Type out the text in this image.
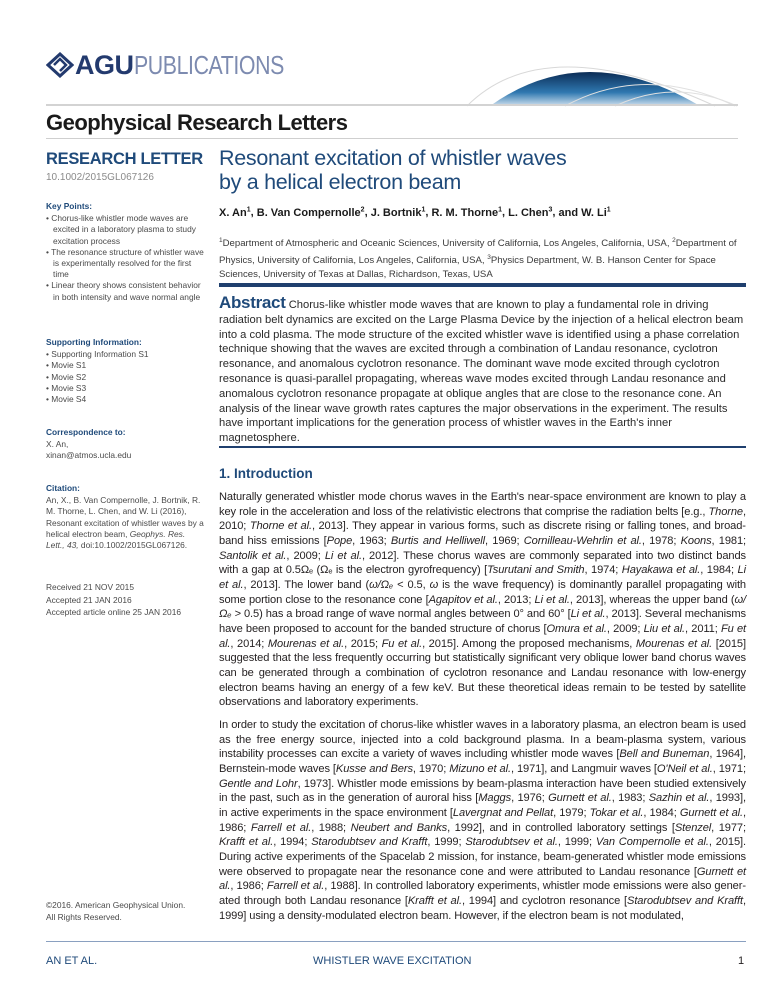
AGUPUBLICATIONS
Geophysical Research Letters
RESEARCH LETTER
10.1002/2015GL067126
Key Points:
• Chorus-like whistler mode waves are excited in a laboratory plasma to study excitation process
• The resonance structure of whistler wave is experimentally resolved for the first time
• Linear theory shows consistent behavior in both intensity and wave normal angle
Supporting Information:
• Supporting Information S1
• Movie S1
• Movie S2
• Movie S3
• Movie S4
Correspondence to:
X. An,
xinan@atmos.ucla.edu
Citation:
An, X., B. Van Compernolle, J. Bortnik, R. M. Thorne, L. Chen, and W. Li (2016), Resonant excitation of whistler waves by a helical electron beam, Geophys. Res. Lett., 43, doi:10.1002/2015GL067126.
Received 21 NOV 2015
Accepted 21 JAN 2016
Accepted article online 25 JAN 2016
©2016. American Geophysical Union.
All Rights Reserved.
Resonant excitation of whistler waves
by a helical electron beam
X. An$^1$, B. Van Compernolle$^2$, J. Bortnik$^1$, R. M. Thorne$^1$, L. Chen$^3$, and W. Li$^1$
$^1$Department of Atmospheric and Oceanic Sciences, University of California, Los Angeles, California, USA, $^2$Department of Physics, University of California, Los Angeles, California, USA, $^3$Physics Department, W. B. Hanson Center for Space Sciences, University of Texas at Dallas, Richardson, Texas, USA
Abstract Chorus-like whistler mode waves that are known to play a fundamental role in driving radiation belt dynamics are excited on the Large Plasma Device by the injection of a helical electron beam into a cold plasma. The mode structure of the excited whistler wave is identified using a phase correlation technique showing that the waves are excited through a combination of Landau resonance, cyclotron resonance, and anomalous cyclotron resonance. The dominant wave mode excited through cyclotron resonance is quasi-parallel propagating, whereas wave modes excited through Landau resonance and anomalous cyclotron resonance propagate at oblique angles that are close to the resonance cone. An analysis of the linear wave growth rates captures the major observations in the experiment. The results have important implications for the generation process of whistler waves in the Earth's inner magnetosphere.
1. Introduction
Naturally generated whistler mode chorus waves in the Earth's near-space environment are known to play a key role in the acceleration and loss of the relativistic electrons that comprise the radiation belts [e.g., Thorne, 2010; Thorne et al., 2013]. They appear in various forms, such as discrete rising or falling tones, and broadband hiss emissions [Pope, 1963; Burtis and Helliwell, 1969; Cornilleau-Wehrlin et al., 1978; Koons, 1981; Santolik et al., 2009; Li et al., 2012]. These chorus waves are commonly separated into two distinct bands with a gap at 0.5Ωₑ (Ωₑ is the electron gyrofrequency) [Tsurutani and Smith, 1974; Hayakawa et al., 1984; Li et al., 2013]. The lower band (ω/Ωₑ < 0.5, ω is the wave frequency) is dominantly parallel propagating with some portion close to the resonance cone [Agapitov et al., 2013; Li et al., 2013], whereas the upper band (ω/Ωₑ > 0.5) has a broad range of wave normal angles between 0° and 60° [Li et al., 2013]. Several mechanisms have been proposed to account for the banded structure of chorus [Omura et al., 2009; Liu et al., 2011; Fu et al., 2014; Mourenas et al., 2015; Fu et al., 2015]. Among the proposed mechanisms, Mourenas et al. [2015] suggested that the less frequently occurring but statistically significant very oblique lower band chorus waves can be generated through a combination of cyclotron resonance and Landau resonance with low-energy electron beams having an energy of a few keV. But these theoretical ideas remain to be tested by satellite observations and laboratory experiments.
In order to study the excitation of chorus-like whistler waves in a laboratory plasma, an electron beam is used as the free energy source, injected into a cold background plasma. In a beam-plasma system, various instability processes can excite a variety of waves including whistler mode waves [Bell and Buneman, 1964], Bernstein-mode waves [Kusse and Bers, 1970; Mizuno et al., 1971], and Langmuir waves [O'Neil et al., 1971; Gentle and Lohr, 1973]. Whistler mode emissions by beam-plasma interaction have been studied extensively in the past, such as in the generation of auroral hiss [Maggs, 1976; Gurnett et al., 1983; Sazhin et al., 1993], in active experiments in the space environment [Lavergnat and Pellat, 1979; Tokar et al., 1984; Gurnett et al., 1986; Farrell et al., 1988; Neubert and Banks, 1992], and in controlled laboratory settings [Stenzel, 1977; Krafft et al., 1994; Starodubtsev and Krafft, 1999; Starodubtsev et al., 1999; Van Compernolle et al., 2015]. During active experiments of the Spacelab 2 mission, for instance, beam-generated whistler mode emissions were observed to propagate near the resonance cone and were attributed to Landau resonance [Gurnett et al., 1986; Farrell et al., 1988]. In controlled laboratory experiments, whistler mode emissions were also generated through both Landau resonance [Krafft et al., 1994] and cyclotron resonance [Starodubtsev and Krafft, 1999] using a density-modulated electron beam. However, if the electron beam is not modulated,
AN ET AL.	WHISTLER WAVE EXCITATION	1
